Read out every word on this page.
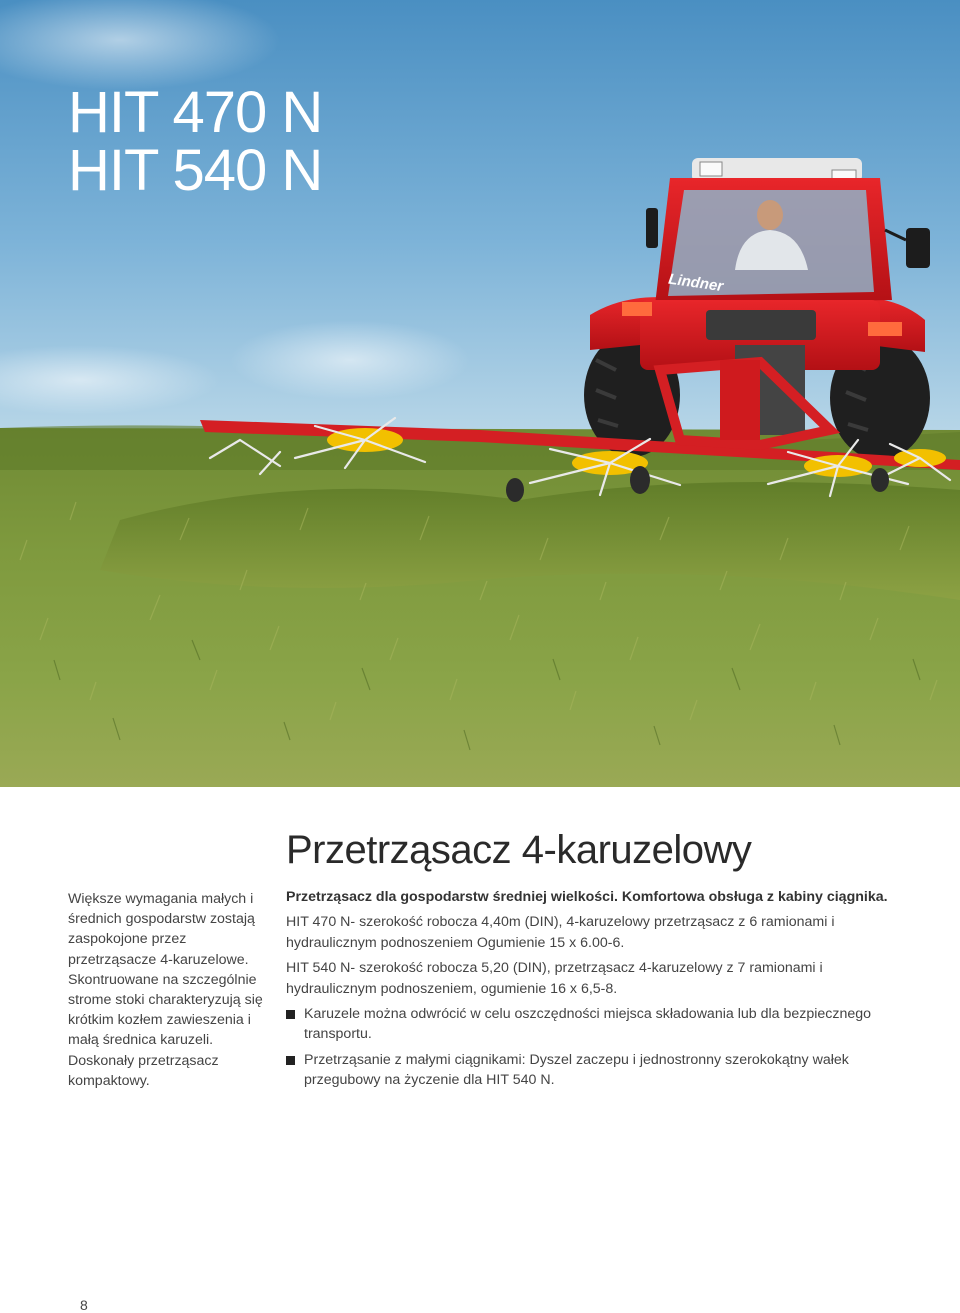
Lindner
HIT 470 N
HIT 540 N
Przetrząsacz 4-karuzelowy

Większe wymagania małych i średnich gospodarstw zostają zaspokojone przez przetrząsacze 4-karuzelowe. Skontruowane na szczególnie strome stoki charakteryzują się krótkim kozłem zawieszenia i małą średnica karuzeli. Doskonały przetrząsacz kompaktowy.

Przetrząsacz dla gospodarstw średniej wielkości. Komfortowa obsługa z kabiny ciągnika.

HIT 470 N- szerokość robocza 4,40m (DIN), 4-karuzelowy przetrząsacz z 6 ramionami i hydraulicznym podnoszeniem Ogumienie 15 x 6.00-6.

HIT 540 N- szerokość robocza 5,20 (DIN), przetrząsacz 4-karuzelowy z 7 ramionami i hydraulicznym podnoszeniem, ogumienie 16 x 6,5-8.

Karuzele można odwrócić w celu oszczędności miejsca składowania lub dla bezpiecznego transportu.
Przetrząsanie z małymi ciągnikami: Dyszel zaczepu i jednostronny szerokokątny wałek przegubowy na życzenie dla HIT 540 N.
8
